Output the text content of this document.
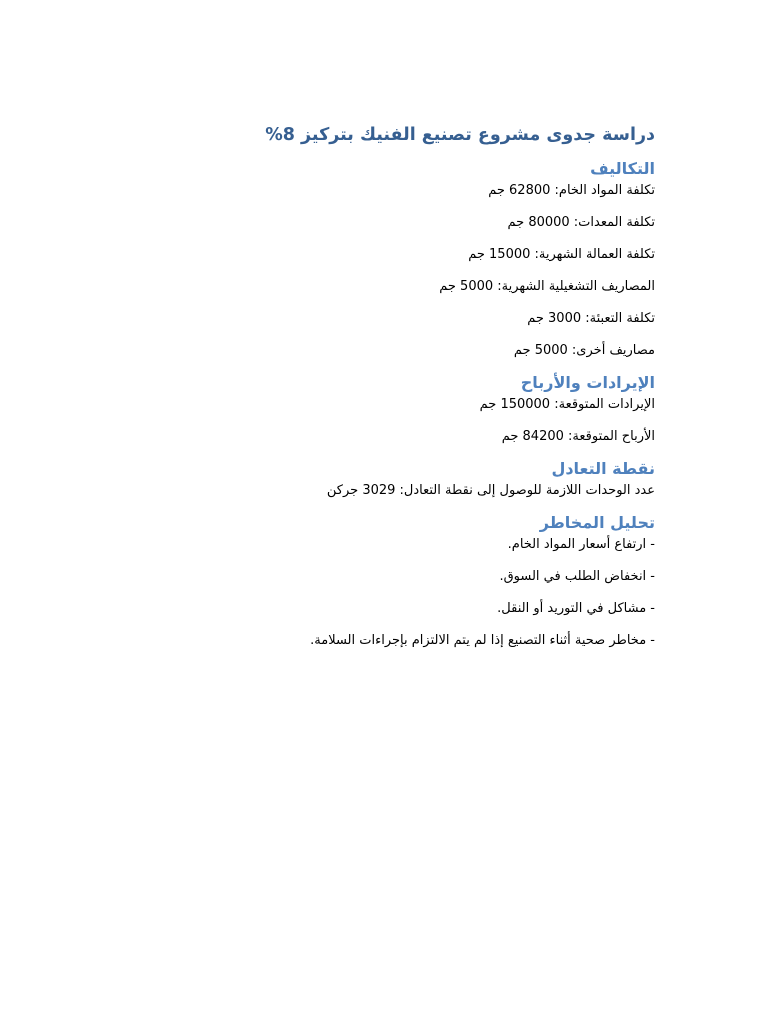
دراسة جدوى مشروع تصنيع الفنيك بتركيز 8%
التكاليف

تكلفة المواد الخام: 62800 جم

تكلفة المعدات: 80000 جم

تكلفة العمالة الشهرية: 15000 جم

المصاريف التشغيلية الشهرية: 5000 جم

تكلفة التعبئة: 3000 جم

مصاريف أخرى: 5000 جم

الإيرادات والأرباح

الإيرادات المتوقعة: 150000 جم

الأرباح المتوقعة: 84200 جم

نقطة التعادل

عدد الوحدات اللازمة للوصول إلى نقطة التعادل: 3029 جركن

تحليل المخاطر

- ارتفاع أسعار المواد الخام.

- انخفاض الطلب في السوق.

- مشاكل في التوريد أو النقل.

- مخاطر صحية أثناء التصنيع إذا لم يتم الالتزام بإجراءات السلامة.
